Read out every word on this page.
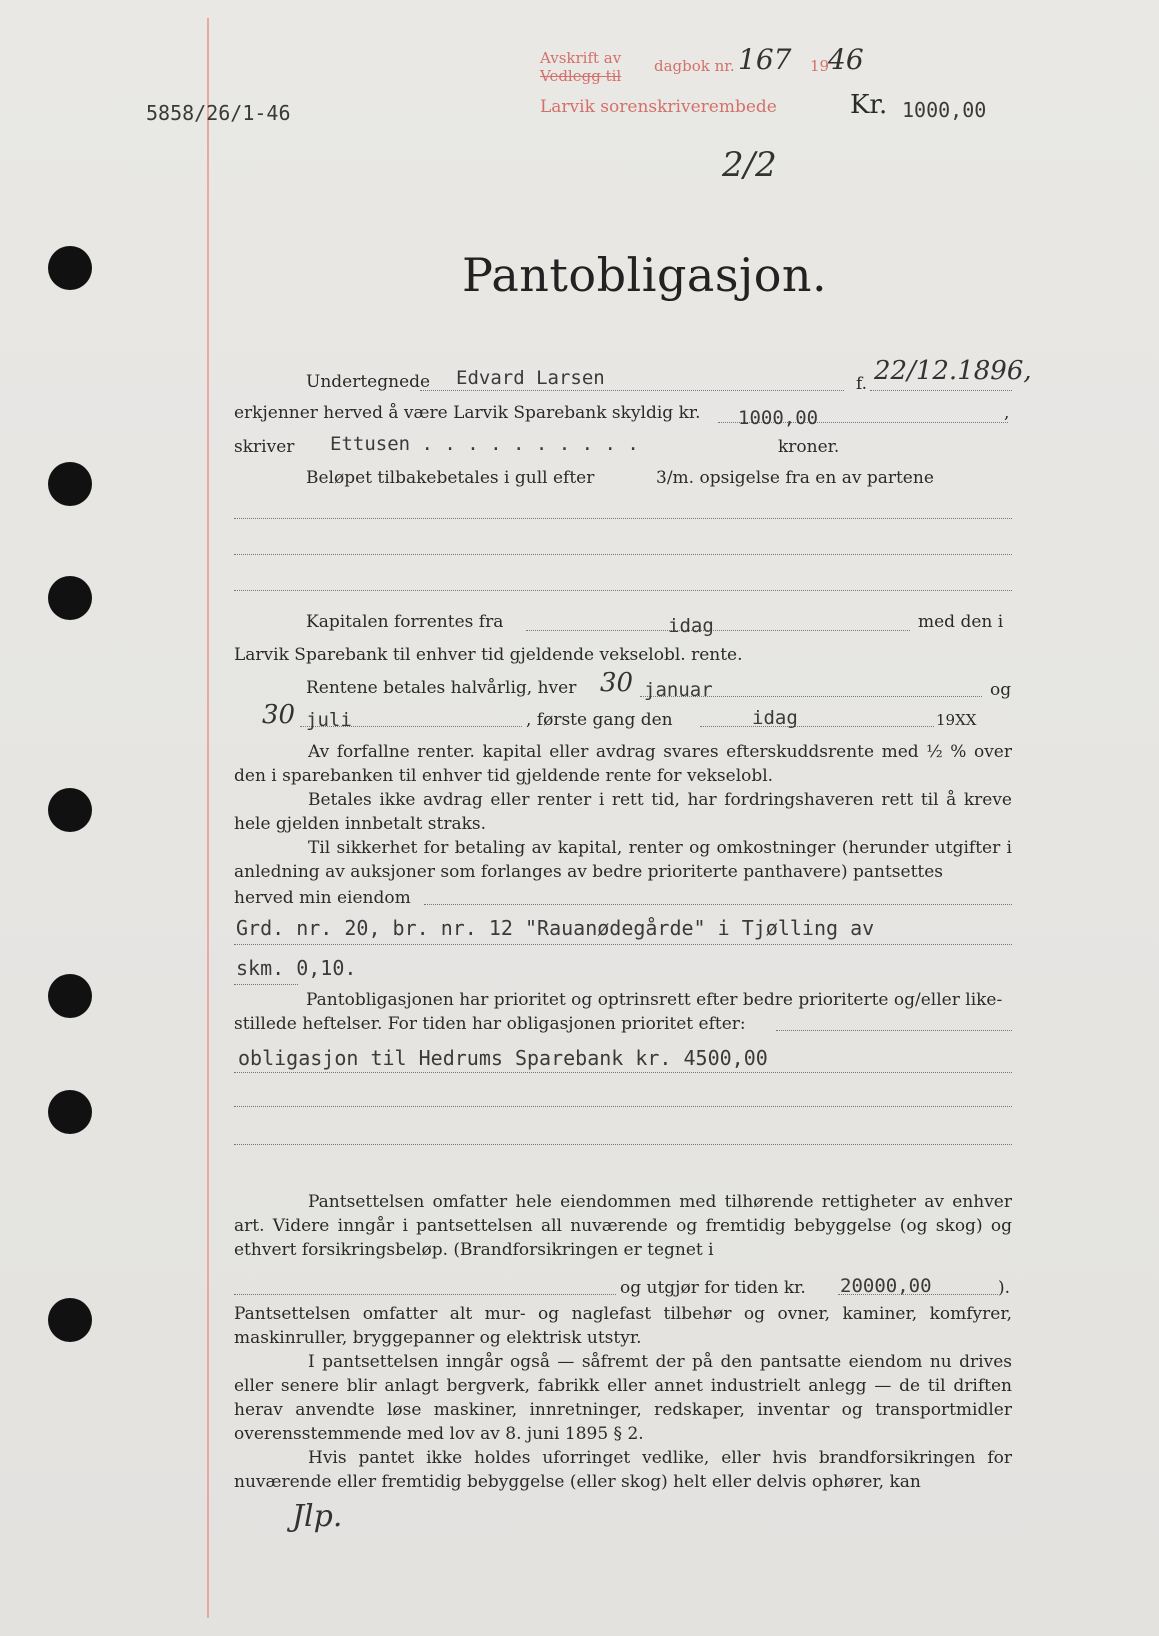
5858/26/1-46
Avskrift av
Vedlegg til
dagbok nr. 167 19
46
Larvik sorenskriverembede	Kr. 1000,00
2/2
Pantobligasjon.
Undertegnede Edvard Larsen	f. 22/12.1896,
erkjenner herved å være Larvik Sparebank skyldig kr. 1000,00	,
skriver Ettusen . . . . . . . . . .	kroner.
Beløpet tilbakebetales i gull efter	3/m. opsigelse fra en av partene
Kapitalen forrentes fra	idag	med den i
Larvik Sparebank til enhver tid gjeldende vekselobl. rente.
Rentene betales halvårlig, hver 30 januar	og
30 juli	, første gang den	idag	19XX
Av forfallne renter. kapital eller avdrag svares efterskuddsrente med ½ % over den i sparebanken til enhver tid gjeldende rente for vekselobl.
Betales ikke avdrag eller renter i rett tid, har fordringshaveren rett til å kreve hele gjelden innbetalt straks.
Til sikkerhet for betaling av kapital, renter og omkostninger (herunder utgifter i anledning av auksjoner som forlanges av bedre prioriterte panthavere) pantsettes
herved min eiendom
Grd. nr. 20, br. nr. 12 "Rauanødegårde" i Tjølling av
skm. 0,10.
Pantobligasjonen har prioritet og optrinsrett efter bedre prioriterte og/eller like-
stillede heftelser. For tiden har obligasjonen prioritet efter:
obligasjon til Hedrums Sparebank kr. 4500,00
Pantsettelsen omfatter hele eiendommen med tilhørende rettigheter av enhver art. Videre inngår i pantsettelsen all nuværende og fremtidig bebyggelse (og skog) og ethvert forsikringsbeløp. (Brandforsikringen er tegnet i
og utgjør for tiden kr. 20000,00	).
Pantsettelsen omfatter alt mur- og naglefast tilbehør og ovner, kaminer, komfyrer, maskinruller, bryggepanner og elektrisk utstyr.
I pantsettelsen inngår også — såfremt der på den pantsatte eiendom nu drives eller senere blir anlagt bergverk, fabrikk eller annet industrielt anlegg — de til driften herav anvendte løse maskiner, innretninger, redskaper, inventar og transportmidler overensstemmende med lov av 8. juni 1895 § 2.
Hvis pantet ikke holdes uforringet vedlike, eller hvis brandforsikringen for nuværende eller fremtidig bebyggelse (eller skog) helt eller delvis ophører, kan
Jlp.
